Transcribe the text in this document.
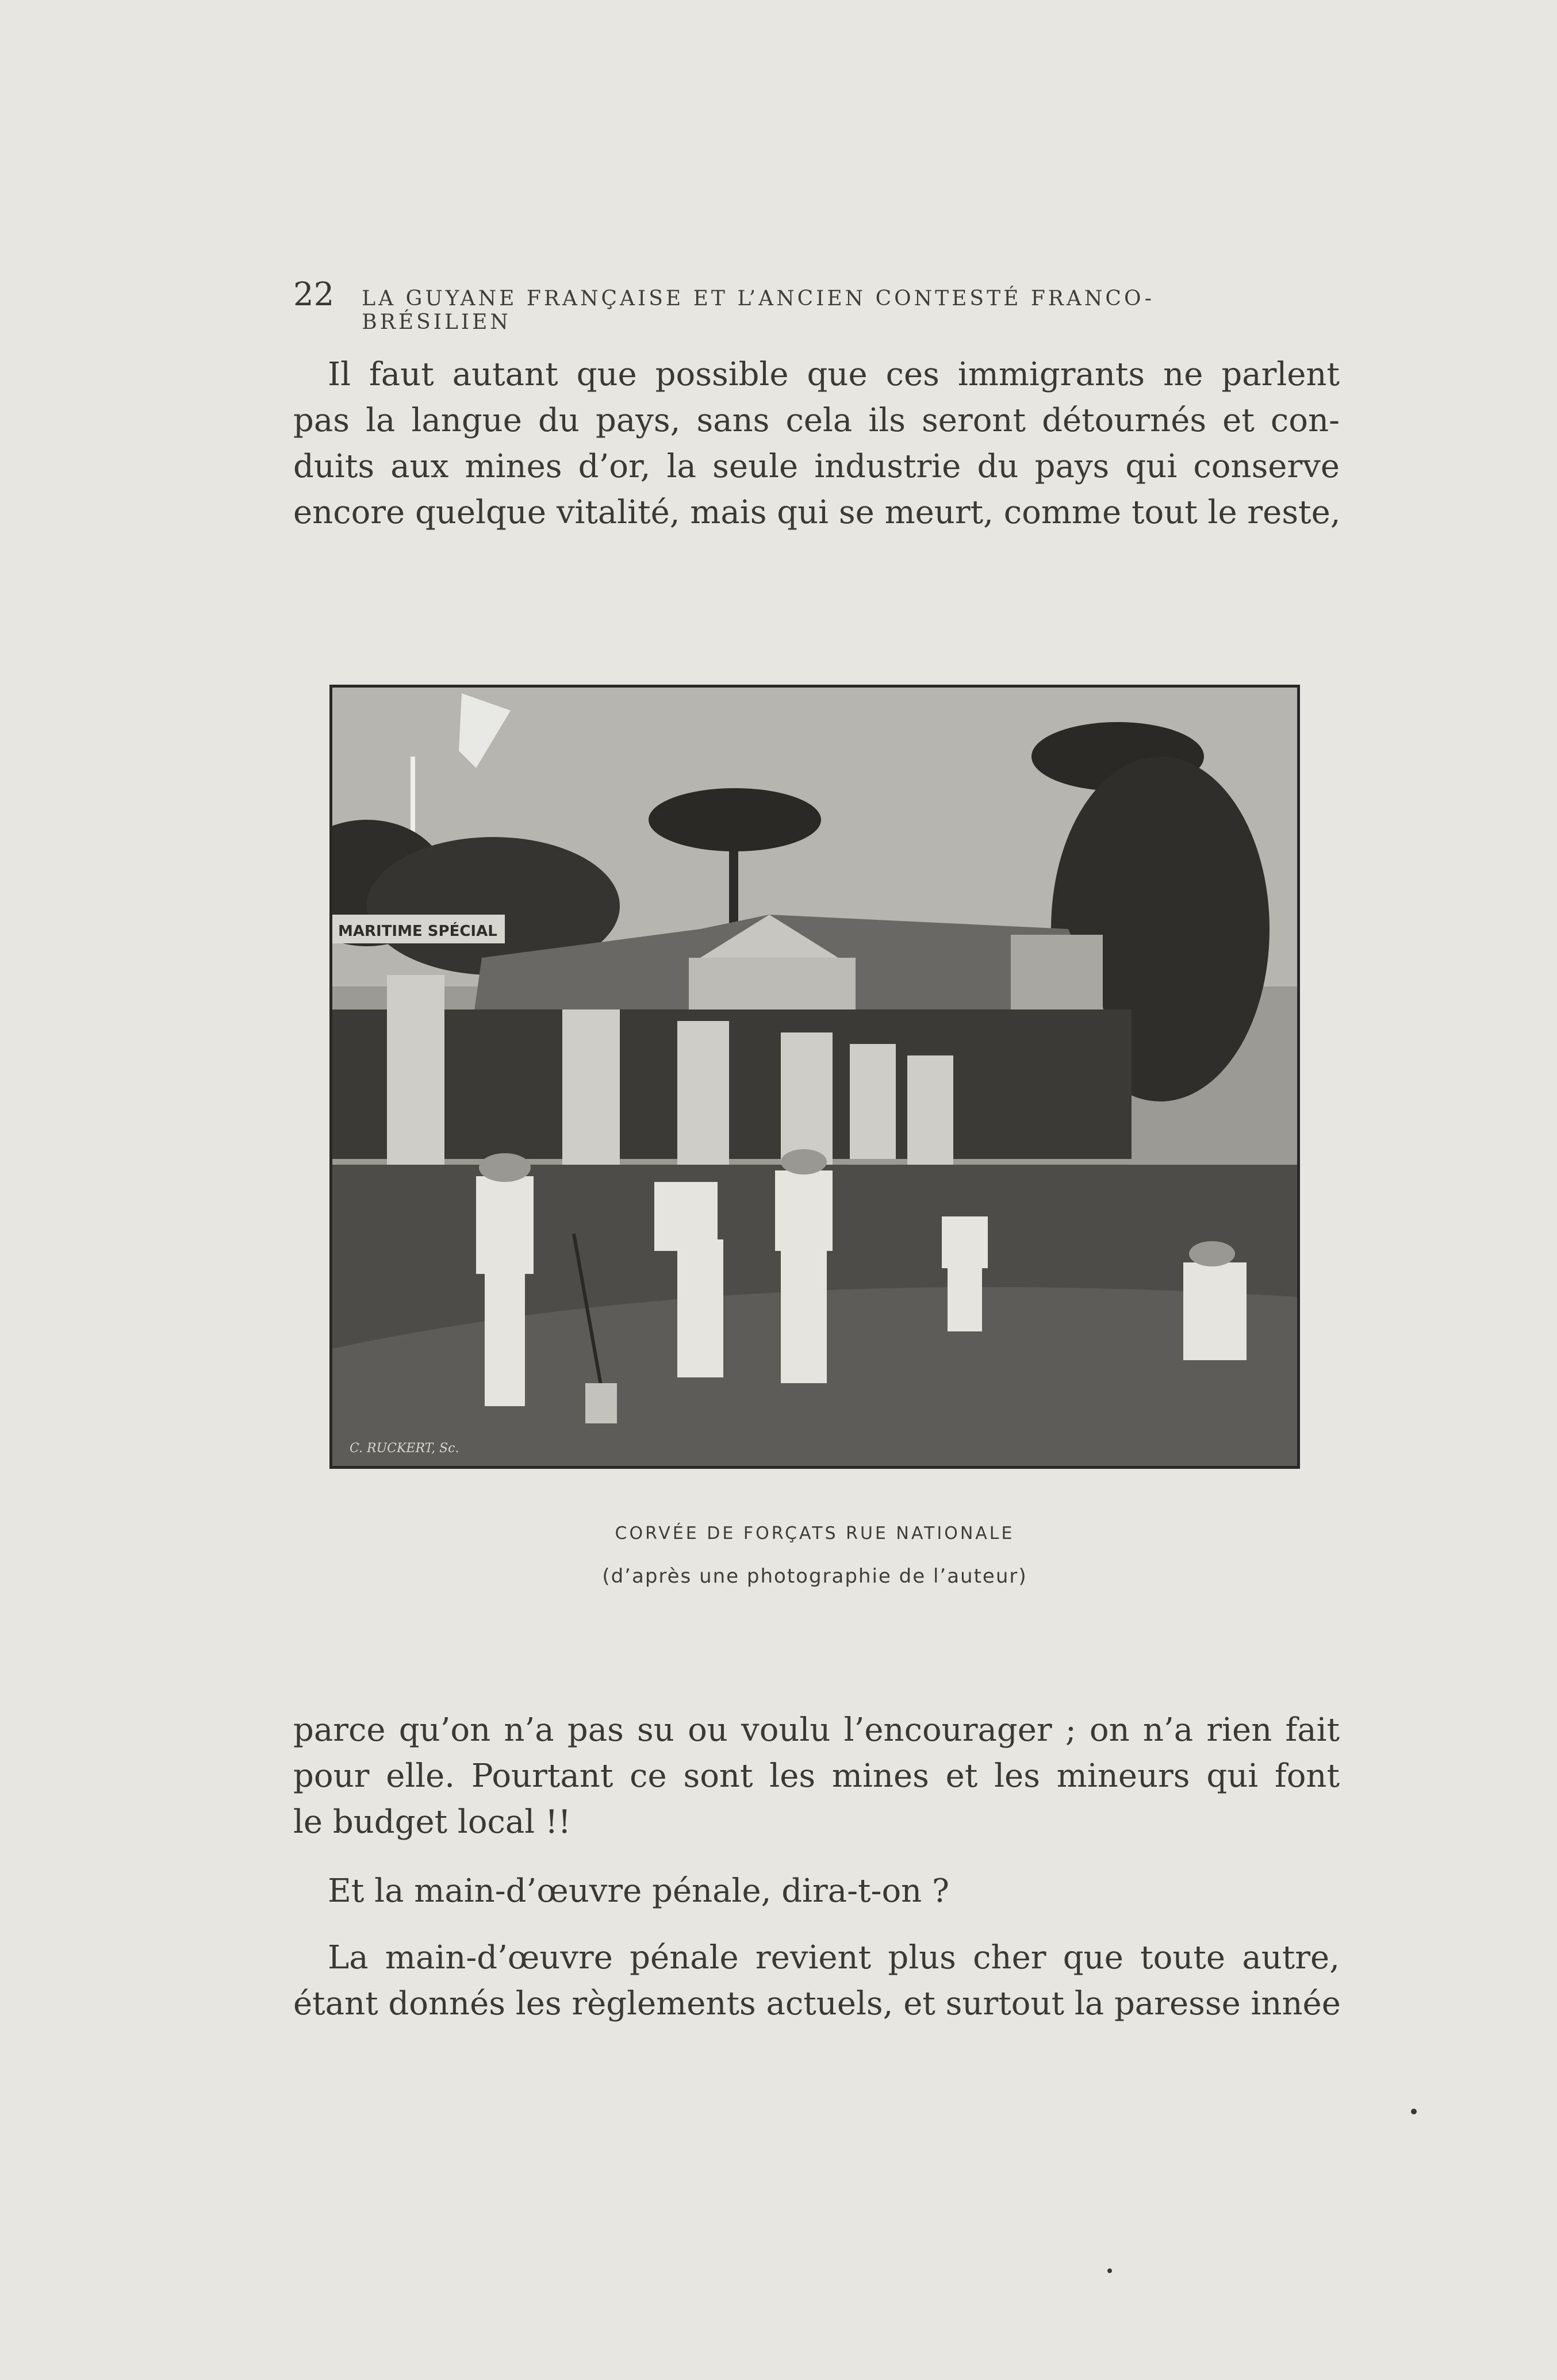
22 LA GUYANE FRANÇAISE ET L’ANCIEN CONTESTÉ FRANCO-BRÉSILIEN

Il faut autant que possible que ces immigrants ne parlent
pas la langue du pays, sans cela ils seront détournés et con-
duits aux mines d’or, la seule industrie du pays qui conserve
encore quelque vitalité, mais qui se meurt, comme tout le reste,

MARITIME SPÉCIAL
C. RUCKERT, Sc.

CORVÉE DE FORÇATS RUE NATIONALE

(d’après une photographie de l’auteur)

parce qu’on n’a pas su ou voulu l’encourager ; on n’a rien fait
pour elle. Pourtant ce sont les mines et les mineurs qui font
le budget local !!

Et la main-d’œuvre pénale, dira-t-on ?

La main-d’œuvre pénale revient plus cher que toute autre,
étant donnés les règlements actuels, et surtout la paresse innée
